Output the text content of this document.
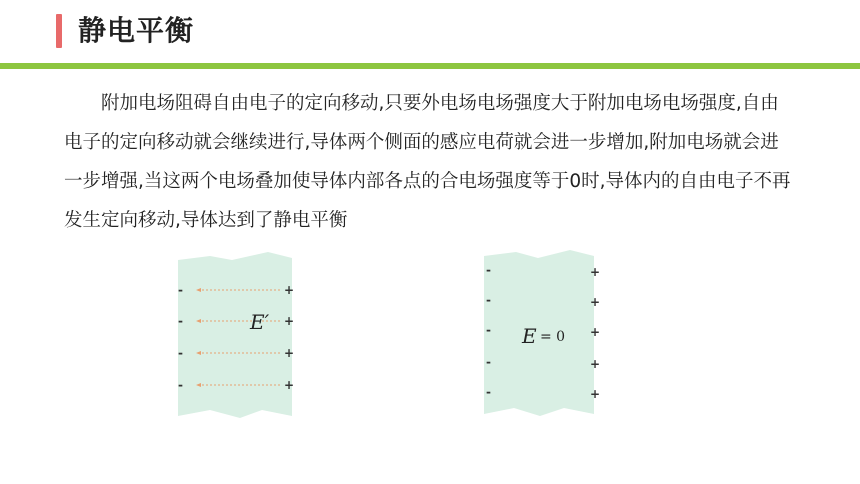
静电平衡
附加电场阻碍自由电子的定向移动,只要外电场电场强度大于附加电场电场强度,自由电子的定向移动就会继续进行,导体两个侧面的感应电荷就会进一步增加,附加电场就会进一步增强,当这两个电场叠加使导体内部各点的合电场强度等于0时,导体内的自由电子不再发生定向移动,导体达到了静电平衡
-
-
-
-
+
+
+
+
E′
-
-
-
-
-
+
+
+
+
+
E = 0
